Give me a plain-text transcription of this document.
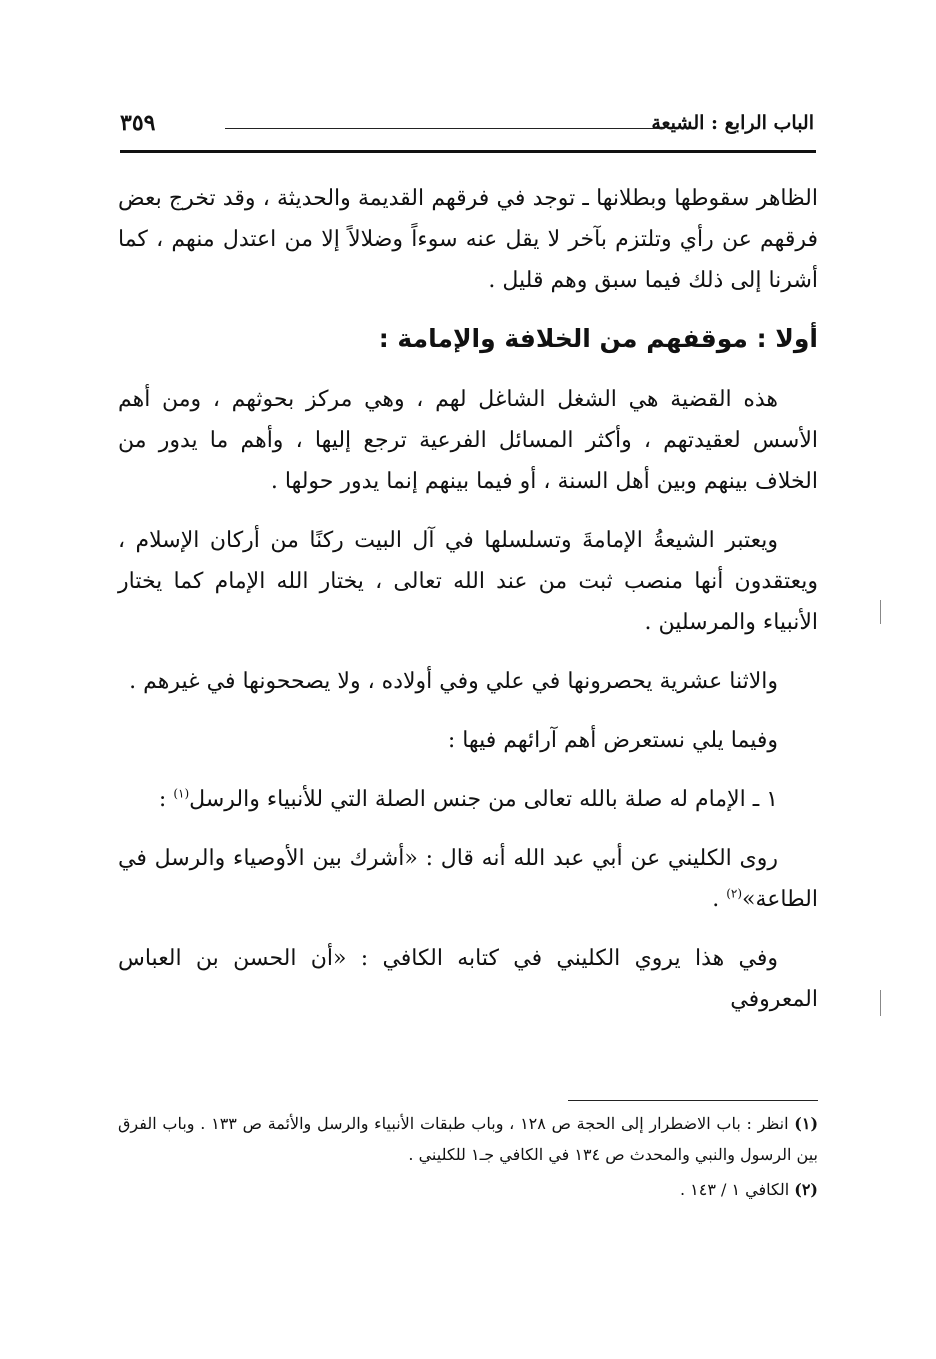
الباب الرابع : الشيعة
٣٥٩

الظاهر سقوطها وبطلانها ـ توجد في فرقهم القديمة والحديثة ، وقد تخرج بعض فرقهم عن رأي وتلتزم بآخر لا يقل عنه سوءاً وضلالاً إلا من اعتدل منهم ، كما أشرنا إلى ذلك فيما سبق وهم قليل .

أولا : موقفهم من الخلافة والإمامة :

هذه القضية هي الشغل الشاغل لهم ، وهي مركز بحوثهم ، ومن أهم الأسس لعقيدتهم ، وأكثر المسائل الفرعية ترجع إليها ، وأهم ما يدور من الخلاف بينهم وبين أهل السنة ، أو فيما بينهم إنما يدور حولها .

ويعتبر الشيعةُ الإمامةَ وتسلسلها في آل البيت ركنًا من أركان الإسلام ، ويعتقدون أنها منصب ثبت من عند الله تعالى ، يختار الله الإمام كما يختار الأنبياء والمرسلين .

والاثنا عشرية يحصرونها في علي وفي أولاده ، ولا يصححونها في غيرهم .

وفيما يلي نستعرض أهم آرائهم فيها :

١ ـ الإمام له صلة بالله تعالى من جنس الصلة التي للأنبياء والرسل$^{(١)}$ :

روى الكليني عن أبي عبد الله أنه قال : «أشرك بين الأوصياء والرسل في الطاعة»$^{(٢)}$ .

وفي هذا يروي الكليني في كتابه الكافي : «أن الحسن بن العباس المعروفي

(١) انظر : باب الاضطرار إلى الحجة ص ١٢٨ ، وباب طبقات الأنبياء والرسل والأئمة ص ١٣٣ . وباب الفرق بين الرسول والنبي والمحدث ص ١٣٤ في الكافي جـ١ للكليني .

(٢) الكافي ١ / ١٤٣ .
